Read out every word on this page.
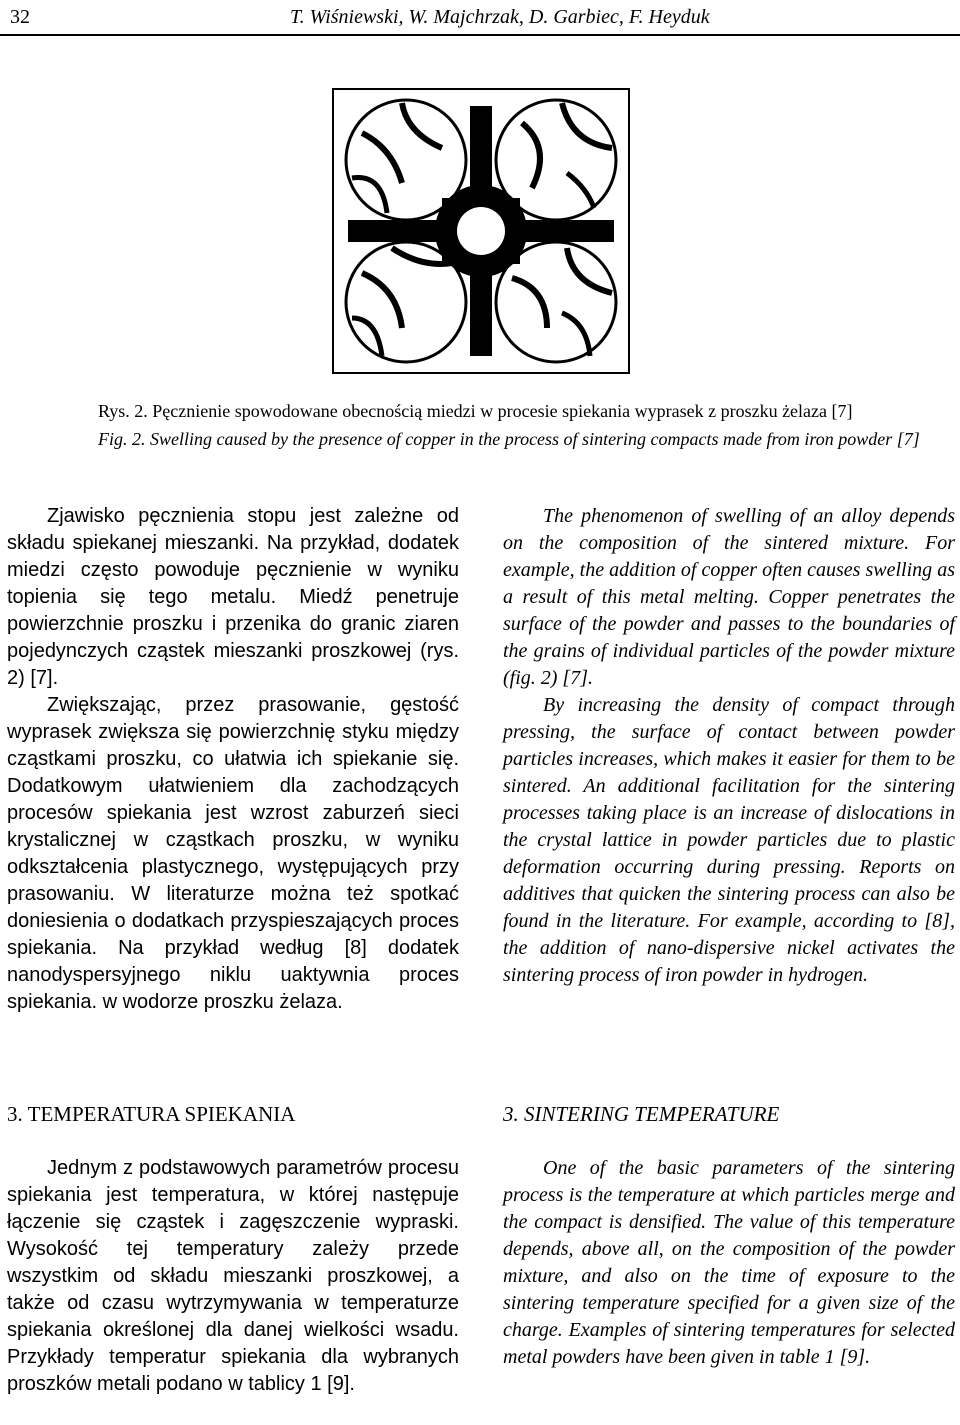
32	T. Wiśniewski, W. Majchrzak, D. Garbiec, F. Heyduk
Rys. 2. Pęcznienie spowodowane obecnością miedzi w procesie spiekania wyprasek z proszku żelaza [7]
Fig. 2. Swelling caused by the presence of copper in the process of sintering compacts made from iron powder [7]

Zjawisko pęcznienia stopu jest zależne od składu spiekanej mieszanki. Na przykład, dodatek miedzi często powoduje pęcznienie w wyniku topienia się tego metalu. Miedź penetruje powierzchnie proszku i przenika do granic ziaren pojedynczych cząstek mieszanki proszkowej (rys. 2) [7].

Zwiększając, przez prasowanie, gęstość wyprasek zwiększa się powierzchnię styku między cząstkami proszku, co ułatwia ich spiekanie się. Dodatkowym ułatwieniem dla zachodzących procesów spiekania jest wzrost zaburzeń sieci krystalicznej w cząstkach proszku, w wyniku odkształcenia plastycznego, występujących przy prasowaniu. W literaturze można też spotkać doniesienia o dodatkach przyspieszających proces spiekania. Na przykład według [8] dodatek nanodyspersyjnego niklu uaktywnia proces spiekania. w wodorze proszku żelaza.

The phenomenon of swelling of an alloy depends on the composition of the sintered mixture. For example, the addition of copper often causes swelling as a result of this metal melting. Copper penetrates the surface of the powder and passes to the boundaries of the grains of individual particles of the powder mixture (fig. 2) [7].

By increasing the density of compact through pressing, the surface of contact between powder particles increases, which makes it easier for them to be sintered. An additional facilitation for the sintering processes taking place is an increase of dislocations in the crystal lattice in powder particles due to plastic deformation occurring during pressing. Reports on additives that quicken the sintering process can also be found in the literature. For example, according to [8], the addition of nano-dispersive nickel activates the sintering process of iron powder in hydrogen.

3. TEMPERATURA SPIEKANIA	3. SINTERING TEMPERATURE

Jednym z podstawowych parametrów procesu spiekania jest temperatura, w której następuje łączenie się cząstek i zagęszczenie wypraski. Wysokość tej temperatury zależy przede wszystkim od składu mieszanki proszkowej, a także od czasu wytrzymywania w temperaturze spiekania określonej dla danej wielkości wsadu. Przykłady temperatur spiekania dla wybranych proszków metali podano w tablicy 1 [9].

One of the basic parameters of the sintering process is the temperature at which particles merge and the compact is densified. The value of this temperature depends, above all, on the composition of the powder mixture, and also on the time of exposure to the sintering temperature specified for a given size of the charge. Examples of sintering temperatures for selected metal powders have been given in table 1 [9].
